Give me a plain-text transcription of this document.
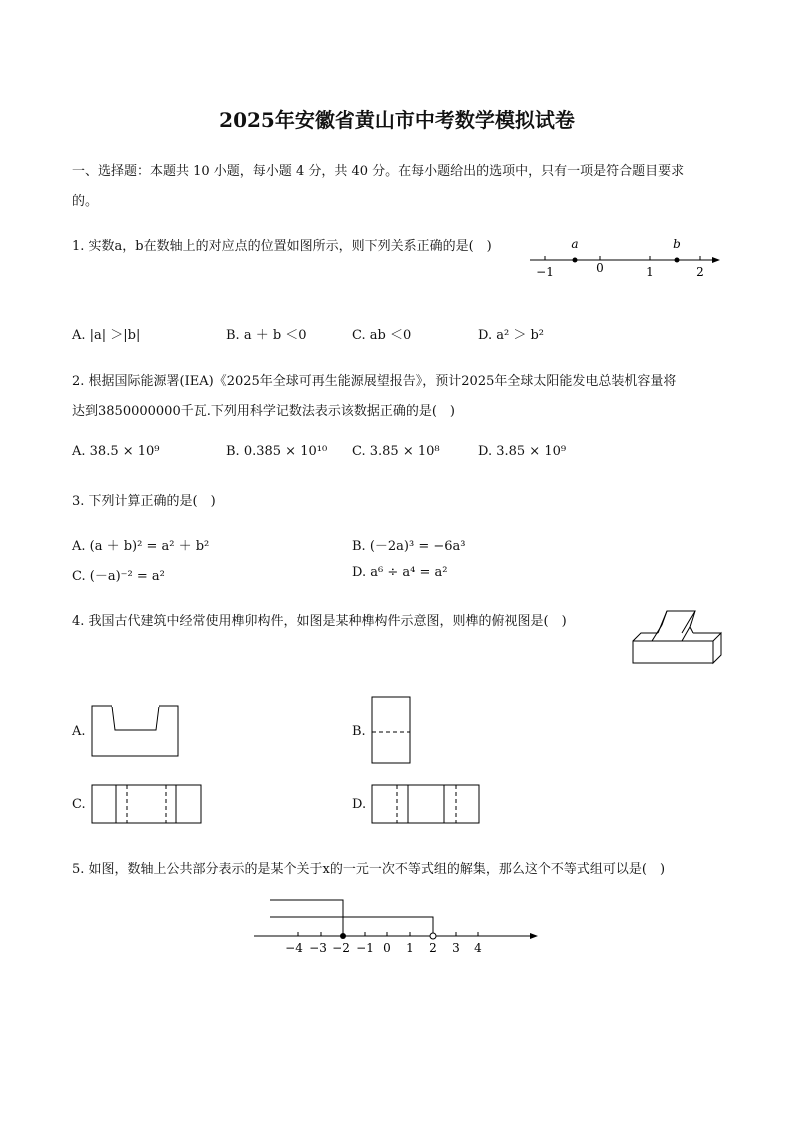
2025年安徽省黄山市中考数学模拟试卷
一、选择题：本题共 10 小题，每小题 4 分，共 40 分。在每小题给出的选项中，只有一项是符合题目要求
的。
1. 实数a，b在数轴上的对应点的位置如图所示，则下列关系正确的是(　)	a	b
−1	0	1	2
A. |a| ＞|b|	B. a ＋ b ＜0	C. ab ＜0	D. a² ＞ b²
2. 根据国际能源署(IEA)《2025年全球可再生能源展望报告》，预计2025年全球太阳能发电总装机容量将
达到3850000000千瓦.下列用科学记数法表示该数据正确的是(　)
A. 38.5 × 10⁹	B. 0.385 × 10¹⁰ C. 3.85 × 10⁸	D. 3.85 × 10⁹
3. 下列计算正确的是(　)
A. (a ＋ b)² = a² ＋ b²	B. (－2a)³ = −6a³
C. (－a)⁻² = a²	D. a⁶ ÷ a⁴ = a²
4. 我国古代建筑中经常使用榫卯构件，如图是某种榫构件示意图，则榫的俯视图是(　)
A.	B.
C.	D.
5. 如图，数轴上公共部分表示的是某个关于x的一元一次不等式组的解集，那么这个不等式组可以是(　)
−4 −3 −2 −1 0 1 2 3 4
